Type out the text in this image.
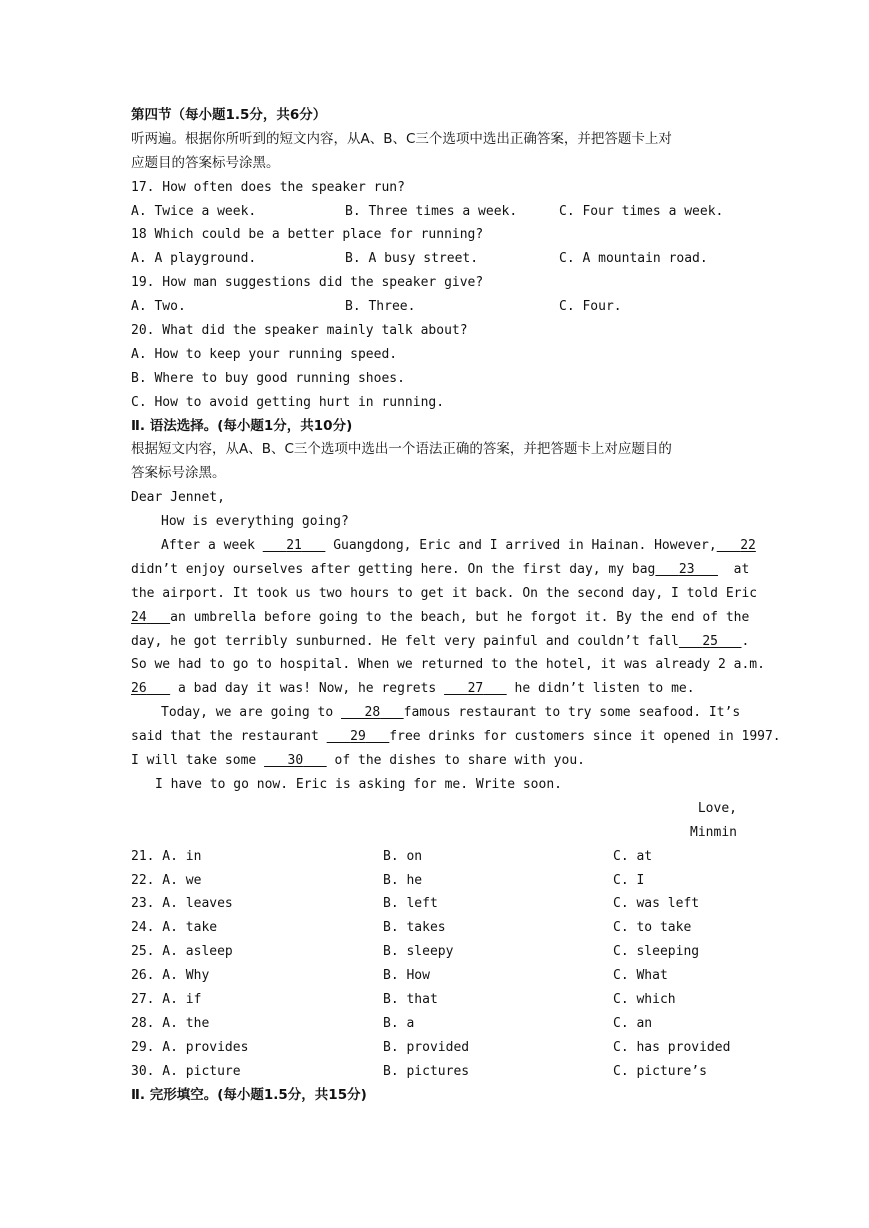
第四节（每小题1.5分，共6分）
听两遍。根据你所听到的短文内容，从A、B、C三个选项中选出正确答案，并把答题卡上对
应题目的答案标号涂黑。
17. How often does the speaker run?
A. Twice a week.	B. Three times a week.	C. Four times a week.
18 Which could be a better place for running?
A. A playground.	B. A busy street.	C. A mountain road.
19. How man suggestions did the speaker give?
A. Two.	B. Three.	C. Four.
20. What did the speaker mainly talk about?
A. How to keep your running speed.
B. Where to buy good running shoes.
C. How to avoid getting hurt in running.
Ⅱ. 语法选择。(每小题1分，共10分)
根据短文内容，从A、B、C三个选项中选出一个语法正确的答案，并把答题卡上对应题目的
答案标号涂黑。
Dear Jennet,
How is everything going?
After a week 21 Guangdong, Eric and I arrived in Hainan. However,	22
didn’t enjoy ourselves after getting here. On the first day, my bag	23	at
the airport. It took us two hours to get it back. On the second day, I told Eric
24	an umbrella before going to the beach, but he forgot it. By the end of the
day, he got terribly sunburned. He felt very painful and couldn’t fall	25 .
So we had to go to hospital. When we returned to the hotel, it was already 2 a.m.
26 a bad day it was! Now, he regrets 27 he didn’t listen to me.
Today, we are going to 28	famous restaurant to try some seafood. It’s
said that the restaurant 29	free drinks for customers since it opened in 1997.
I will take some 30 of the dishes to share with you.
I have to go now. Eric is asking for me. Write soon.
Love,
Minmin
21. A. in	B. on	C. at
22. A. we	B. he	C. I
23. A. leaves	B. left	C. was left
24. A. take	B. takes	C. to take
25. A. asleep	B. sleepy	C. sleeping
26. A. Why	B. How	C. What
27. A. if	B. that	C. which
28. A. the	B. a	C. an
29. A. provides	B. provided	C. has provided
30. A. picture	B. pictures	C. picture’s
Ⅱ. 完形填空。(每小题1.5分，共15分)
